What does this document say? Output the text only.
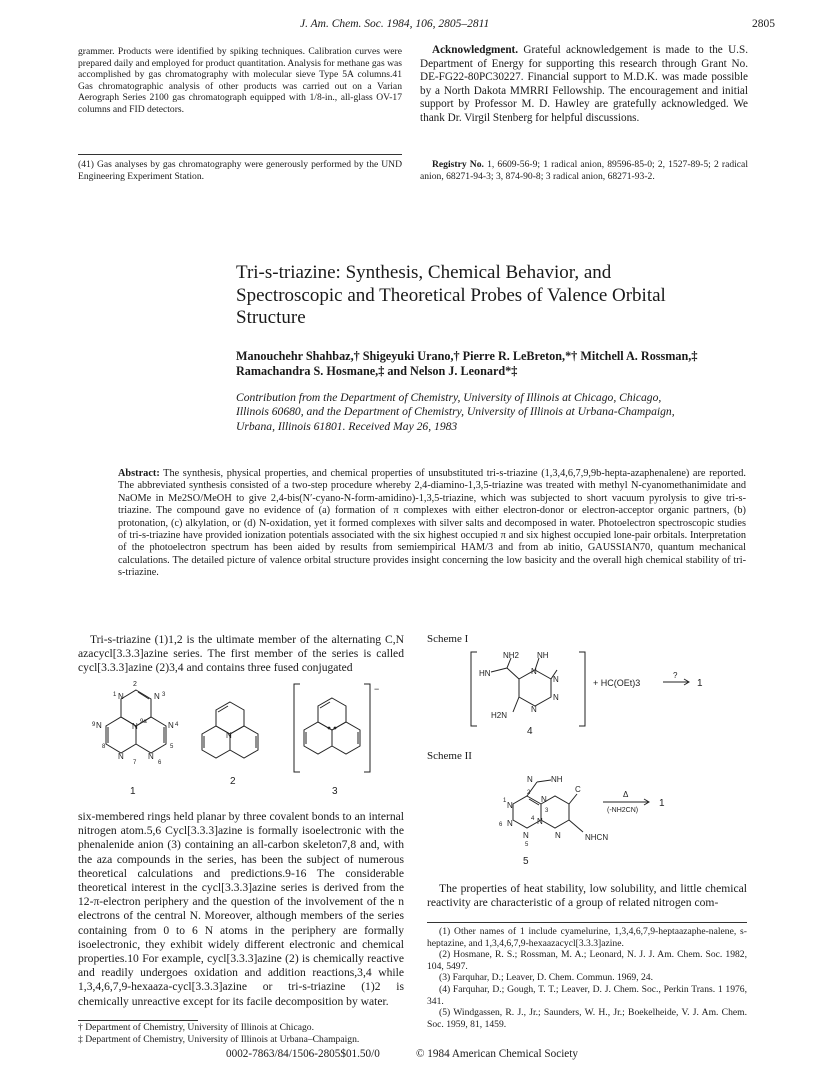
J. Am. Chem. Soc. 1984, 106, 2805–2811	2805
grammer. Products were identified by spiking techniques. Calibration curves were prepared daily and employed for product quantitation. Analysis for methane gas was accomplished by gas chromatography with molecular sieve Type 5A columns.41 Gas chromatographic analysis of other products was carried out on a Varian Aerograph Series 2100 gas chromatograph equipped with 1/8-in., all-glass OV-17 columns and FID detectors.
(41) Gas analyses by gas chromatography were generously performed by the UND Engineering Experiment Station.
Acknowledgment. Grateful acknowledgement is made to the U.S. Department of Energy for supporting this research through Grant No. DE-FG22-80PC30227. Financial support to M.D.K. was made possible by a North Dakota MMRRI Fellowship. The encouragement and initial support by Professor M. D. Hawley are gratefully acknowledged. We thank Dr. Virgil Stenberg for helpful discussions.
Registry No. 1, 6609-56-9; 1 radical anion, 89596-85-0; 2, 1527-89-5; 2 radical anion, 68271-94-3; 3, 874-90-8; 3 radical anion, 68271-93-2.
Tri-s-triazine: Synthesis, Chemical Behavior, and
Spectroscopic and Theoretical Probes of Valence Orbital
Structure
Manouchehr Shahbaz,† Shigeyuki Urano,† Pierre R. LeBreton,*† Mitchell A. Rossman,‡
Ramachandra S. Hosmane,‡ and Nelson J. Leonard*‡
Contribution from the Department of Chemistry, University of Illinois at Chicago, Chicago,
Illinois 60680, and the Department of Chemistry, University of Illinois at Urbana-Champaign,
Urbana, Illinois 61801. Received May 26, 1983
Abstract: The synthesis, physical properties, and chemical properties of unsubstituted tri-s-triazine (1,3,4,6,7,9,9b-hepta-azaphenalene) are reported. The abbreviated synthesis consisted of a two-step procedure whereby 2,4-diamino-1,3,5-triazine was treated with methyl N-cyanomethanimidate and NaOMe in Me2SO/MeOH to give 2,4-bis(N′-cyano-N-form-amidino)-1,3,5-triazine, which was subjected to short vacuum pyrolysis to give tri-s-triazine. The compound gave no evidence of (a) formation of π complexes with either electron-donor or electron-acceptor organic partners, (b) protonation, (c) alkylation, or (d) N-oxidation, yet it formed complexes with silver salts and decomposed in water. Photoelectron spectroscopic studies of tri-s-triazine have provided ionization potentials associated with the six highest occupied π and six highest occupied lone-pair orbitals. Interpretation of the photoelectron spectrum has been aided by results from semiempirical HAM/3 and from ab initio, GAUSSIAN70, quantum mechanical calculations. The detailed picture of valence orbital structure provides insight concerning the low basicity and the overall high chemical stability of tri-s-triazine.
Tri-s-triazine (1)1,2 is the ultimate member of the alternating C,N azacycl[3.3.3]azine series. The first member of the series is called cycl[3.3.3]azine (2)3,4 and contains three fused conjugated
N	N
2
1	3
N 9a
N
9	N 4
8
N	N
5
7	6
1
N
2
−
3
six-membered rings held planar by three covalent bonds to an internal nitrogen atom.5,6 Cycl[3.3.3]azine is formally isoelectronic with the phenalenide anion (3) containing an all-carbon skeleton7,8 and, with the aza compounds in the series, has been the subject of numerous theoretical calculations and predictions.9-16 The considerable theoretical interest in the cycl[3.3.3]azine series is derived from the 12-π-electron periphery and the question of the involvement of the n electrons of the central N. Moreover, although members of the series containing from 0 to 6 N atoms in the periphery are formally isoelectronic, they exhibit widely different electronic and chemical properties.10 For example, cycl[3.3.3]azine (2) is chemically reactive and readily undergoes oxidation and addition reactions,3,4 while 1,3,4,6,7,9-hexaaza-cycl[3.3.3]azine or tri-s-triazine (1)2 is chemically unreactive except for its facile decomposition by water.
† Department of Chemistry, University of Illinois at Chicago.
‡ Department of Chemistry, University of Illinois at Urbana–Champaign.
Scheme I
NH2 NH
HN	N
N
N
N
H2N
+ HC(OEt)3
?
1
4
Scheme II
N NH
N
N
N
N
N	N
C
NHCN
2
1
3
4
6
5
Δ
(-NH2CN)
1
5
The properties of heat stability, low solubility, and little chemical reactivity are characteristic of a group of related nitrogen com-
(1) Other names of 1 include cyamelurine, 1,3,4,6,7,9-heptaazaphe-nalene, s-heptazine, and 1,3,4,6,7,9-hexaazacycl[3.3.3]azine.
(2) Hosmane, R. S.; Rossman, M. A.; Leonard, N. J. J. Am. Chem. Soc. 1982, 104, 5497.
(3) Farquhar, D.; Leaver, D. Chem. Commun. 1969, 24.
(4) Farquhar, D.; Gough, T. T.; Leaver, D. J. Chem. Soc., Perkin Trans. 1 1976, 341.
(5) Windgassen, R. J., Jr.; Saunders, W. H., Jr.; Boekelheide, V. J. Am. Chem. Soc. 1959, 81, 1459.
0002-7863/84/1506-2805$01.50/0	© 1984 American Chemical Society
